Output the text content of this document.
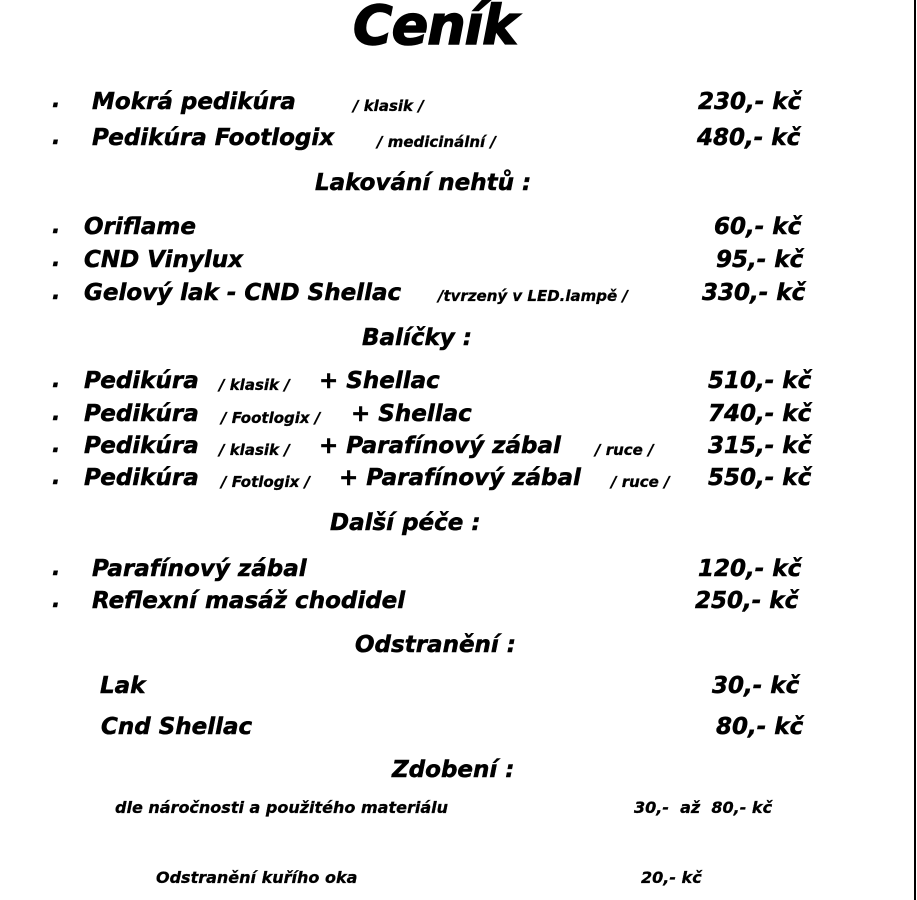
Ceník
. Mokrá pedikúra	/ klasik /	230,- kč
. Pedikúra Footlogix	/ medicinální /	480,- kč
Lakování nehtů :
. Oriflame	60,- kč
. CND Vinylux	95,- kč
. Gelový lak - CND Shellac /tvrzený v LED.lampě /	330,- kč
Balíčky :
. Pedikúra / klasik / + Shellac	510,- kč
. Pedikúra / Footlogix / + Shellac	740,- kč
. Pedikúra / klasik / + Parafínový zábal / ruce / 315,- kč
. Pedikúra / Fotlogix / + Parafínový zábal / ruce / 550,- kč
Další péče :
. Parafínový zábal	120,- kč
. Reflexní masáž chodidel	250,- kč
Odstranění :
Lak	30,- kč
Cnd Shellac	80,- kč
Zdobení :
dle náročnosti a použitého materiálu	30,-  až  80,- kč
Odstranění kuřího oka	20,- kč
